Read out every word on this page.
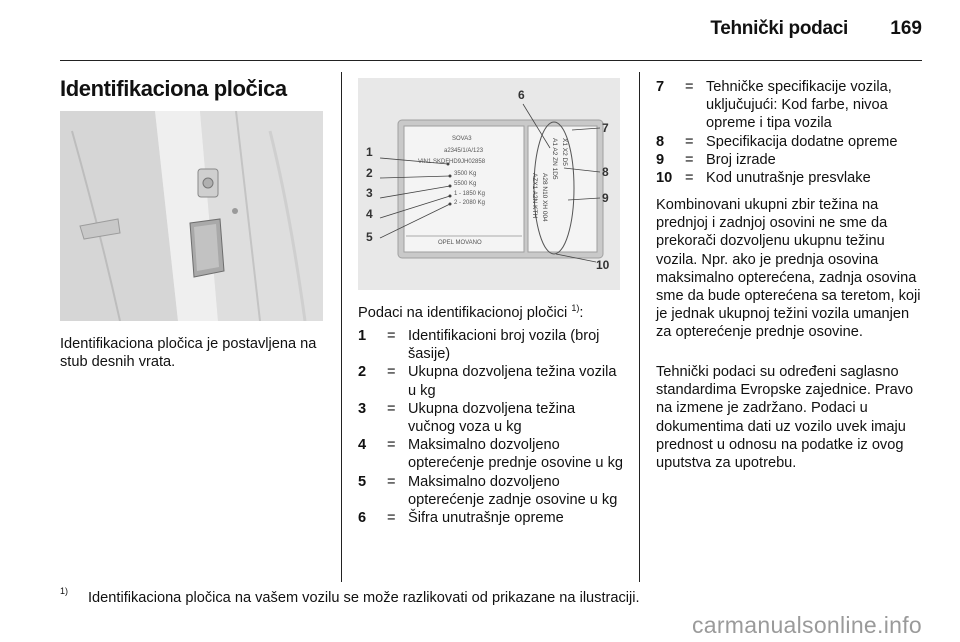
Tehnički podaci 169
Identifikaciona pločica
Identifikaciona pločica je postavljena na stub desnih vrata.
SOVA3
a2345/1/A/123
VIN1 SKDFHD9JH02858
3500 Kg
5500 Kg
1 - 1850 Kg
2 - 2080 Kg
OPEL MOVANO
X1 X2 D5
A1 A2 ZN 1D5
A28 N10 XH 004
AZX1 A2N KTH
1
2
3
4
5
6
7
8
9
10
Podaci na identifikacionoj pločici $^{1)}$:
1 = Identifikacioni broj vozila (broj šasije)
2 = Ukupna dozvoljena težina vozila u kg
3 = Ukupna dozvoljena težina vučnog voza u kg
4 = Maksimalno dozvoljeno opterećenje prednje osovine u kg
5 = Maksimalno dozvoljeno opterećenje zadnje osovine u kg
6 = Šifra unutrašnje opreme
7 = Tehničke specifikacije vozila, uključujući: Kod farbe, nivoa opreme i tipa vozila
8 = Specifikacija dodatne opreme
9 = Broj izrade
10 = Kod unutrašnje presvlake

Kombinovani ukupni zbir težina na prednjoj i zadnjoj osovini ne sme da prekorači dozvoljenu ukupnu težinu vozila. Npr. ako je prednja osovina maksimalno opterećena, zadnja osovina sme da bude opterećena sa teretom, koji je jednak ukupnoj težini vozila umanjen za opterećenje prednje osovine.

Tehnički podaci su određeni saglasno standardima Evropske zajednice. Pravo na izmene je zadržano. Podaci u dokumentima dati uz vozilo uvek imaju prednost u odnosu na podatke iz ovog uputstva za upotrebu.

1) Identifikaciona pločica na vašem vozilu se može razlikovati od prikazane na ilustraciji.
carmanualsonline.info
